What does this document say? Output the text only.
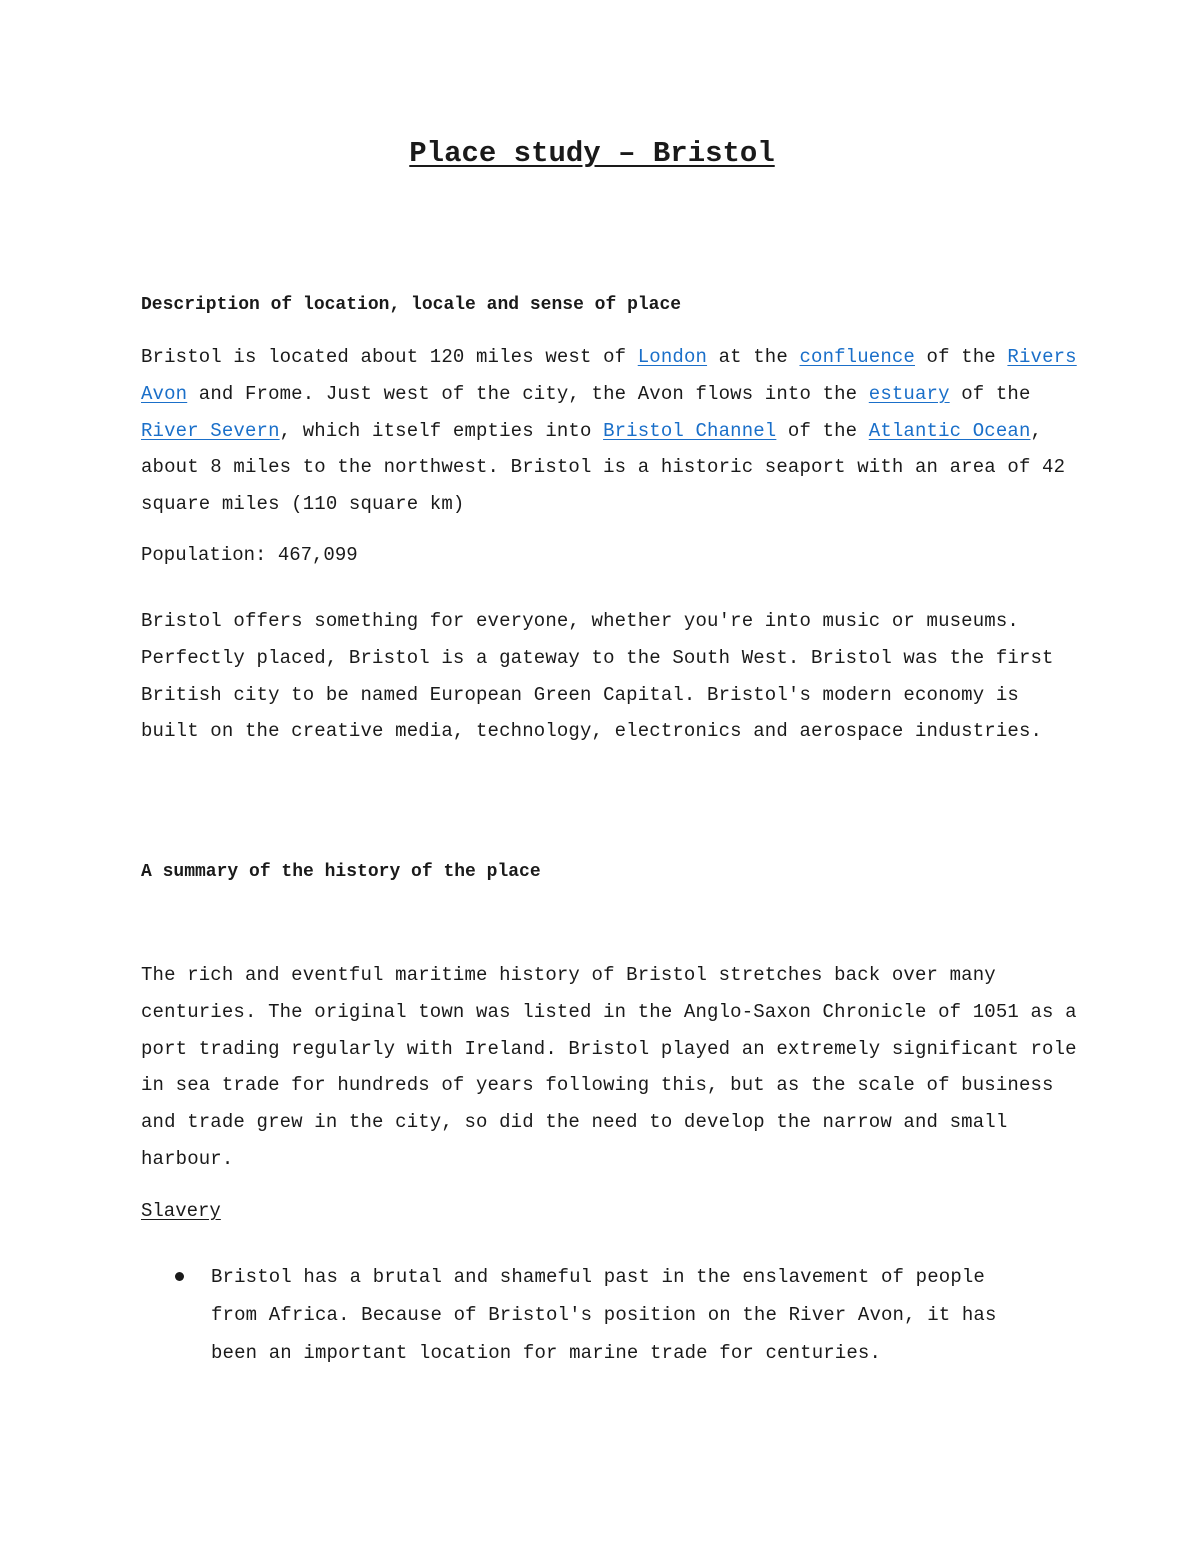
Place study – Bristol
Description of location, locale and sense of place

Bristol is located about 120 miles west of London at the confluence of the Rivers Avon and Frome. Just west of the city, the Avon flows into the estuary of the River Severn, which itself empties into Bristol Channel of the Atlantic Ocean, about 8 miles to the northwest. Bristol is a historic seaport with an area of 42 square miles (110 square km)

Population: 467,099

Bristol offers something for everyone, whether you're into music or museums. Perfectly placed, Bristol is a gateway to the South West. Bristol was the first British city to be named European Green Capital. Bristol's modern economy is built on the creative media, technology, electronics and aerospace industries.

A summary of the history of the place

The rich and eventful maritime history of Bristol stretches back over many centuries. The original town was listed in the Anglo-Saxon Chronicle of 1051 as a port trading regularly with Ireland. Bristol played an extremely significant role in sea trade for hundreds of years following this, but as the scale of business and trade grew in the city, so did the need to develop the narrow and small harbour.

Slavery

Bristol has a brutal and shameful past in the enslavement of people from Africa. Because of Bristol's position on the River Avon, it has been an important location for marine trade for centuries.
